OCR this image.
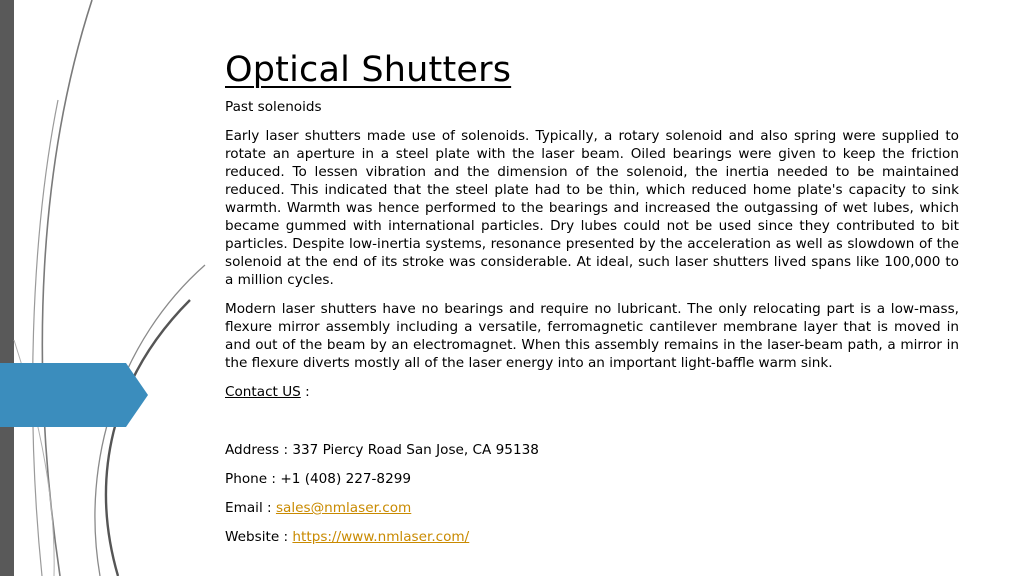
Optical Shutters

Past solenoids

Early laser shutters made use of solenoids. Typically, a rotary solenoid and also spring were supplied to rotate an aperture in a steel plate with the laser beam. Oiled bearings were given to keep the friction reduced. To lessen vibration and the dimension of the solenoid, the inertia needed to be maintained reduced. This indicated that the steel plate had to be thin, which reduced home plate's capacity to sink warmth. Warmth was hence performed to the bearings and increased the outgassing of wet lubes, which became gummed with international particles. Dry lubes could not be used since they contributed to bit particles. Despite low-inertia systems, resonance presented by the acceleration as well as slowdown of the solenoid at the end of its stroke was considerable. At ideal, such laser shutters lived spans like 100,000 to a million cycles.

Modern laser shutters have no bearings and require no lubricant. The only relocating part is a low-mass, flexure mirror assembly including a versatile, ferromagnetic cantilever membrane layer that is moved in and out of the beam by an electromagnet. When this assembly remains in the laser-beam path, a mirror in the flexure diverts mostly all of the laser energy into an important light-baffle warm sink.

Contact US :

Address : 337 Piercy Road San Jose, CA 95138

Phone : +1 (408) 227-8299

Email : sales@nmlaser.com

Website : https://www.nmlaser.com/
